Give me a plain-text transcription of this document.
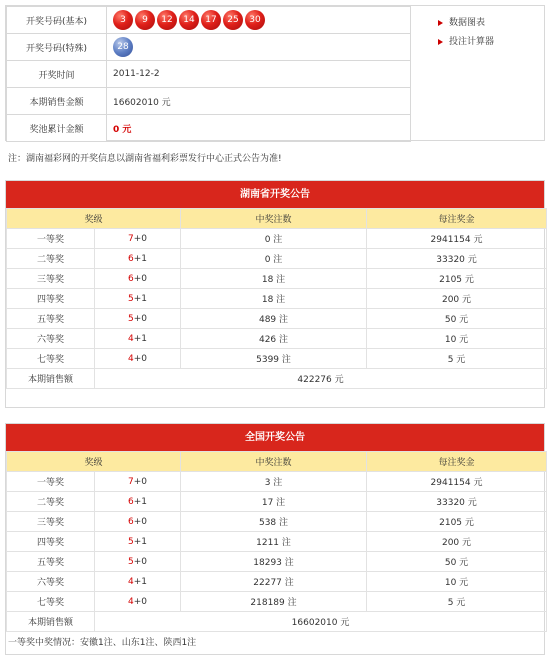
开奖号码(基本)	3 9 12 14 17 25 30
开奖号码(特殊)	28
开奖时间	2011-12-2
本期销售金额	16602010 元
奖池累计金额	0 元
数据图表
投注计算器
注：湖南福彩网的开奖信息以湖南省福利彩票发行中心正式公告为准!
湖南省开奖公告
奖级		中奖注数	每注奖金
一等奖	7+0	0 注	2941154 元
二等奖	6+1	0 注	33320 元
三等奖	6+0	18 注	2105 元
四等奖	5+1	18 注	200 元
五等奖	5+0	489 注	50 元
六等奖	4+1	426 注	10 元
七等奖	4+0	5399 注	5 元
本期销售额	422276 元		
全国开奖公告
奖级		中奖注数	每注奖金
一等奖	7+0	3 注	2941154 元
二等奖	6+1	17 注	33320 元
三等奖	6+0	538 注	2105 元
四等奖	5+1	1211 注	200 元
五等奖	5+0	18293 注	50 元
六等奖	4+1	22277 注	10 元
七等奖	4+0	218189 注	5 元
本期销售额	16602010 元		
一等奖中奖情况：安徽1注、山东1注、陕西1注
